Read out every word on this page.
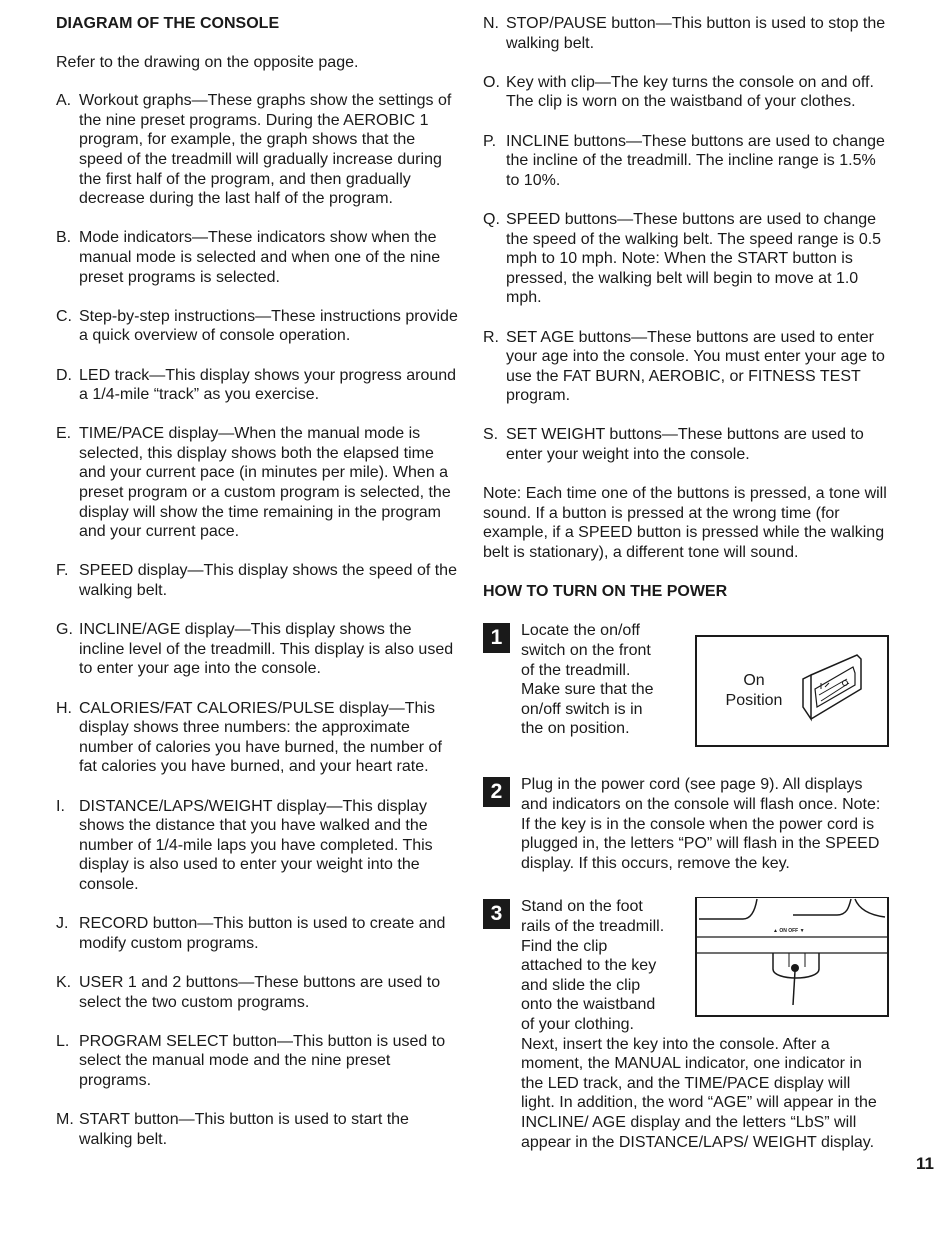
DIAGRAM OF THE CONSOLE

Refer to the drawing on the opposite page.

A. Workout graphs—These graphs show the settings of the nine preset programs. During the AEROBIC 1 program, for example, the graph shows that the speed of the treadmill will gradually increase during the first half of the program, and then gradually decrease during the last half of the program.
B. Mode indicators—These indicators show when the manual mode is selected and when one of the nine preset programs is selected.
C. Step-by-step instructions—These instructions provide a quick overview of console operation.
D. LED track—This display shows your progress around a 1/4-mile “track” as you exercise.
E. TIME/PACE display—When the manual mode is selected, this display shows both the elapsed time and your current pace (in minutes per mile). When a preset program or a custom program is selected, the display will show the time remaining in the program and your current pace.
F. SPEED display—This display shows the speed of the walking belt.
G. INCLINE/AGE display—This display shows the incline level of the treadmill. This display is also used to enter your age into the console.
H. CALORIES/FAT CALORIES/PULSE display—This display shows three numbers: the approximate number of calories you have burned, the number of fat calories you have burned, and your heart rate.
I. DISTANCE/LAPS/WEIGHT display—This display shows the distance that you have walked and the number of 1/4-mile laps you have completed. This display is also used to enter your weight into the console.
J. RECORD button—This button is used to create and modify custom programs.
K. USER 1 and 2 buttons—These buttons are used to select the two custom programs.
L. PROGRAM SELECT button—This button is used to select the manual mode and the nine preset programs.
M. START button—This button is used to start the walking belt.
N. STOP/PAUSE button—This button is used to stop the walking belt.
O. Key with clip—The key turns the console on and off. The clip is worn on the waistband of your clothes.
P. INCLINE buttons—These buttons are used to change the incline of the treadmill. The incline range is 1.5% to 10%.
Q. SPEED buttons—These buttons are used to change the speed of the walking belt. The speed range is 0.5 mph to 10 mph. Note: When the START button is pressed, the walking belt will begin to move at 1.0 mph.
R. SET AGE buttons—These buttons are used to enter your age into the console. You must enter your age to use the FAT BURN, AEROBIC, or FITNESS TEST program.
S. SET WEIGHT buttons—These buttons are used to enter your weight into the console.

Note: Each time one of the buttons is pressed, a tone will sound. If a button is pressed at the wrong time (for example, if a SPEED button is pressed while the walking belt is stationary), a different tone will sound.

HOW TO TURN ON THE POWER
1	Locate the on/off switch on the front of the treadmill. Make sure that the on/off switch is in the on position.
On Position
2	Plug in the power cord (see page 9). All displays and indicators on the console will flash once. Note: If the key is in the console when the power cord is plugged in, the letters “PO” will flash in the SPEED display. If this occurs, remove the key.
3	Stand on the foot rails of the treadmill. Find the clip attached to the key and slide the clip onto the waistband of your clothing.
Next, insert the key into the console. After a moment, the MANUAL indicator, one indicator in the LED track, and the TIME/PACE display will light. In addition, the word “AGE” will appear in the INCLINE/ AGE display and the letters “LbS” will appear in the DISTANCE/LAPS/ WEIGHT display.
▲ ON OFF ▼
11
